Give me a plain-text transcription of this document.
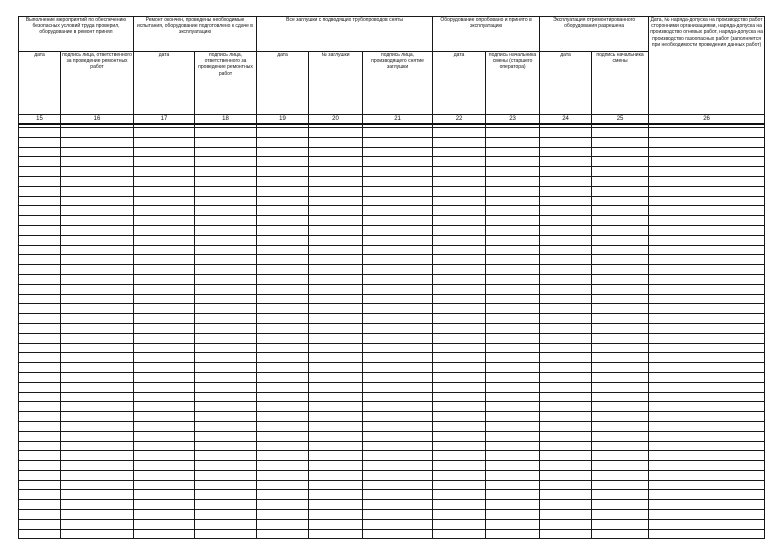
Выполнение мероприятий по обеспечению безопасных условий труда проверил, оборудование в ремонт принял		Ремонт окончен, проведены необходимые испытания, оборудование подготовлено к сдаче в эксплуатацию		Все заглушки с подводящих трубопроводов сняты			Оборудование опробовано и принято в эксплуатацию		Эксплуатация отремонтированного оборудования разрешена		Дата, № наряда-допуска на производство работ сторонними организациями, наряда-допуска на производство огневых работ, наряда-допуска на производство газоопасных работ (заполняется при необходимости проведения данных работ)
дата	подпись лица, ответственного за проведение ремонтных работ	дата	подпись лица, ответственного за проведение ремонтных работ	дата	№ заглушки	подпись лица, производящего снятие заглушки	дата	подпись начальника смены (старшего оператора)	дата	подпись начальника смены	
15	16	17	18	19	20	21	22	23	24	25	26
